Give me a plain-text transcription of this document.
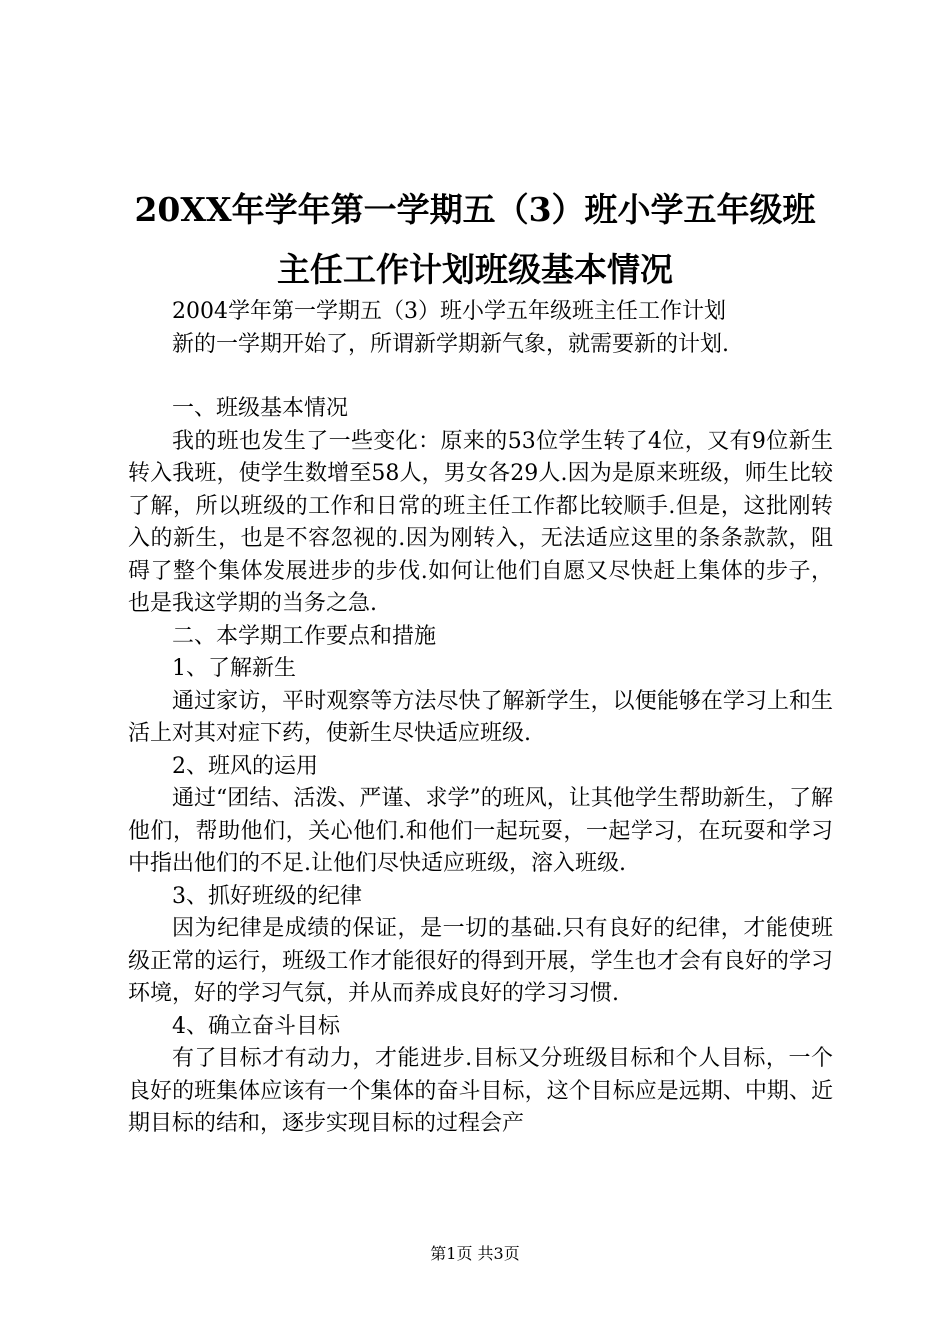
20XX年学年第一学期五（3）班小学五年级班
主任工作计划班级基本情况

2004学年第一学期五（3）班小学五年级班主任工作计划

新的一学期开始了，所谓新学期新气象，就需要新的计划.

一、班级基本情况

我的班也发生了一些变化：原来的53位学生转了4位，又有9位新生转入我班，使学生数增至58人，男女各29人.因为是原来班级，师生比较了解，所以班级的工作和日常的班主任工作都比较顺手.但是，这批刚转入的新生，也是不容忽视的.因为刚转入，无法适应这里的条条款款，阻碍了整个集体发展进步的步伐.如何让他们自愿又尽快赶上集体的步子，也是我这学期的当务之急.

二、本学期工作要点和措施

1、了解新生

通过家访，平时观察等方法尽快了解新学生，以便能够在学习上和生活上对其对症下药，使新生尽快适应班级.

2、班风的运用

通过“团结、活泼、严谨、求学”的班风，让其他学生帮助新生，了解他们，帮助他们，关心他们.和他们一起玩耍，一起学习，在玩耍和学习中指出他们的不足.让他们尽快适应班级，溶入班级.

3、抓好班级的纪律

因为纪律是成绩的保证，是一切的基础.只有良好的纪律，才能使班级正常的运行，班级工作才能很好的得到开展，学生也才会有良好的学习环境，好的学习气氛，并从而养成良好的学习习惯.

4、确立奋斗目标

有了目标才有动力，才能进步.目标又分班级目标和个人目标，一个良好的班集体应该有一个集体的奋斗目标，这个目标应是远期、中期、近期目标的结和，逐步实现目标的过程会产

第1页 共3页
